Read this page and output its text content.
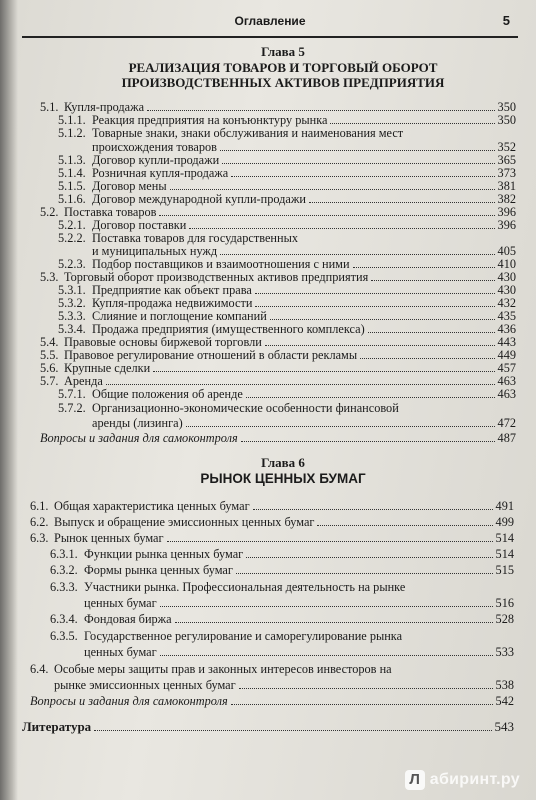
Оглавление	5
Глава 5
РЕАЛИЗАЦИЯ ТОВАРОВ И ТОРГОВЫЙ ОБОРОТ
ПРОИЗВОДСТВЕННЫХ АКТИВОВ ПРЕДПРИЯТИЯ
5.1. Купля-продажа	350
5.1.1. Реакция предприятия на конъюнктуру рынка	350
5.1.2. Товарные знаки, знаки обслуживания и наименования мест
происхождения товаров	352
5.1.3. Договор купли-продажи	365
5.1.4. Розничная купля-продажа	373
5.1.5. Договор мены	381
5.1.6. Договор международной купли-продажи	382
5.2. Поставка товаров	396
5.2.1. Договор поставки	396
5.2.2. Поставка товаров для государственных
и муниципальных нужд	405
5.2.3. Подбор поставщиков и взаимоотношения с ними	410
5.3. Торговый оборот производственных активов предприятия	430
5.3.1. Предприятие как объект права	430
5.3.2. Купля-продажа недвижимости	432
5.3.3. Слияние и поглощение компаний	435
5.3.4. Продажа предприятия (имущественного комплекса)	436
5.4. Правовые основы биржевой торговли	443
5.5. Правовое регулирование отношений в области рекламы	449
5.6. Крупные сделки	457
5.7. Аренда	463
5.7.1. Общие положения об аренде	463
5.7.2. Организационно-экономические особенности финансовой
аренды (лизинга)	472
Вопросы и задания для самоконтроля	487
Глава 6
РЫНОК ЦЕННЫХ БУМАГ
6.1. Общая характеристика ценных бумаг	491
6.2. Выпуск и обращение эмиссионных ценных бумаг	499
6.3. Рынок ценных бумаг	514
6.3.1. Функции рынка ценных бумаг	514
6.3.2. Формы рынка ценных бумаг	515
6.3.3. Участники рынка. Профессиональная деятельность на рынке
ценных бумаг	516
6.3.4. Фондовая биржа	528
6.3.5. Государственное регулирование и саморегулирование рынка
ценных бумаг	533
6.4. Особые меры защиты прав и законных интересов инвесторов на
рынке эмиссионных ценных бумаг	538
Вопросы и задания для самоконтроля	542
Литература	543
Л абиринт.ру
